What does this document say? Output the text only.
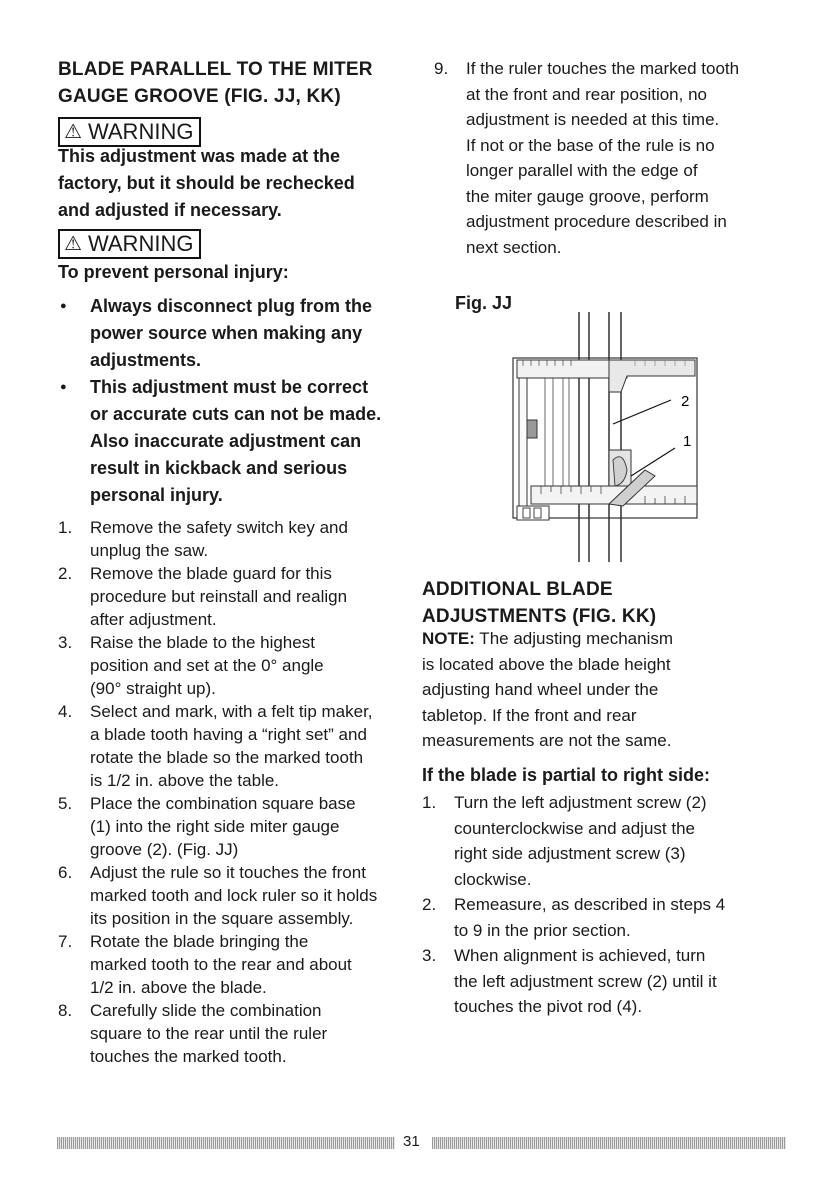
BLADE PARALLEL TO THE MITER
GAUGE GROOVE (FIG. JJ, KK)
⚠ WARNING

This adjustment was made at the
factory, but it should be rechecked
and adjusted if necessary.

⚠ WARNING

To prevent personal injury:

● Always disconnect plug from the
power source when making any
adjustments.
● This adjustment must be correct
or accurate cuts can not be made.
Also inaccurate adjustment can
result in kickback and serious
personal injury.
1. Remove the safety switch key and
unplug the saw.
2. Remove the blade guard for this
procedure but reinstall and realign
after adjustment.
3. Raise the blade to the highest
position and set at the 0° angle
(90° straight up).
4. Select and mark, with a felt tip maker,
a blade tooth having a “right set” and
rotate the blade so the marked tooth
is 1/2 in. above the table.
5. Place the combination square base
(1) into the right side miter gauge
groove (2). (Fig. JJ)
6. Adjust the rule so it touches the front
marked tooth and lock ruler so it holds
its position in the square assembly.
7. Rotate the blade bringing the
marked tooth to the rear and about
1/2 in. above the blade.
8. Carefully slide the combination
square to the rear until the ruler
touches the marked tooth.
9. If the ruler touches the marked tooth
at the front and rear position, no
adjustment is needed at this time.
If not or the base of the rule is no
longer parallel with the edge of
the miter gauge groove, perform
adjustment procedure described in
next section.
Fig. JJ
2
1
ADDITIONAL BLADE
ADJUSTMENTS (FIG. KK)

NOTE: The adjusting mechanism
is located above the blade height
adjusting hand wheel under the
tabletop. If the front and rear
measurements are not the same.

If the blade is partial to right side:

1. Turn the left adjustment screw (2)
counterclockwise and adjust the
right side adjustment screw (3)
clockwise.
2. Remeasure, as described in steps 4
to 9 in the prior section.
3. When alignment is achieved, turn
the left adjustment screw (2) until it
touches the pivot rod (4).
31
